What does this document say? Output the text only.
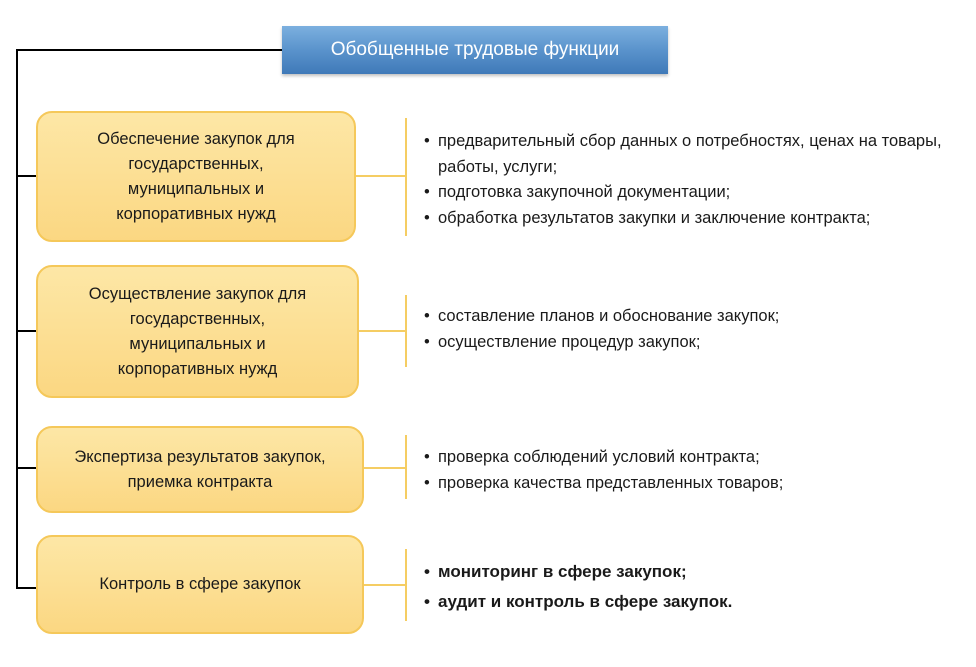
Обобщенные трудовые функции
Обеспечение закупок для
государственных,
муниципальных и
корпоративных нужд
• предварительный сбор данных о потребностях, ценах на товары, работы, услуги;
• подготовка закупочной документации;
• обработка результатов закупки и заключение контракта;
Осуществление закупок для
государственных,
муниципальных и
корпоративных нужд
• составление планов и обоснование закупок;
• осуществление процедур закупок;
Экспертиза результатов закупок,
приемка контракта
• проверка соблюдений условий контракта;
• проверка качества представленных товаров;
Контроль в сфере закупок
• мониторинг в сфере закупок;
• аудит и контроль в сфере закупок.
